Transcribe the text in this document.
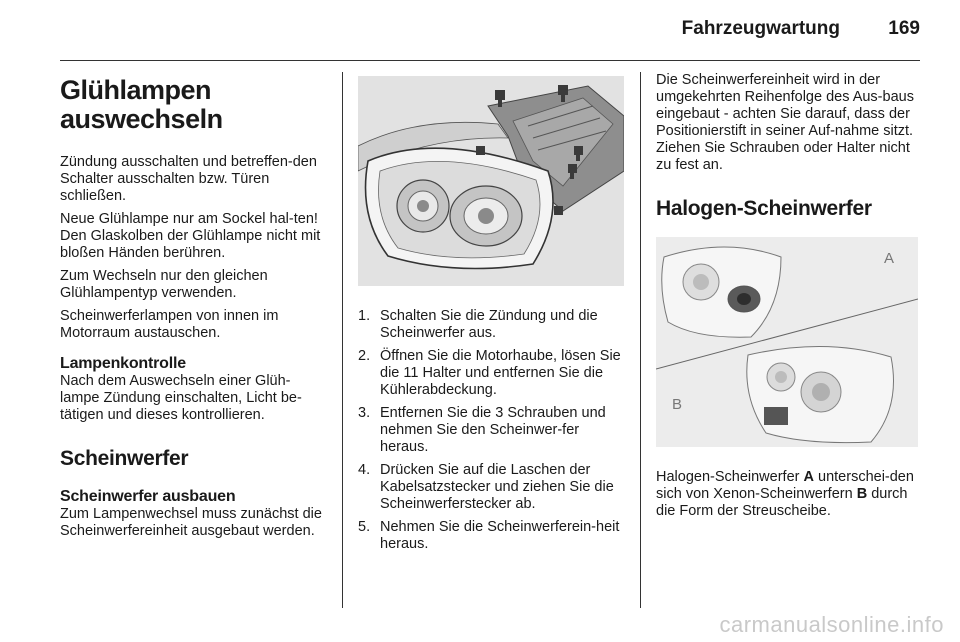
Fahrzeugwartung	169
Glühlampen auswechseln

Zündung ausschalten und betreffen-den Schalter ausschalten bzw. Türen schließen.

Neue Glühlampe nur am Sockel hal-ten! Den Glaskolben der Glühlampe nicht mit bloßen Händen berühren.

Zum Wechseln nur den gleichen Glühlampentyp verwenden.

Scheinwerferlampen von innen im Motorraum austauschen.

Lampenkontrolle

Nach dem Auswechseln einer Glüh-lampe Zündung einschalten, Licht be-tätigen und dieses kontrollieren.

Scheinwerfer
Scheinwerfer ausbauen

Zum Lampenwechsel muss zunächst die Scheinwerfereinheit ausgebaut werden.

1. Schalten Sie die Zündung und die Scheinwerfer aus.
2. Öffnen Sie die Motorhaube, lösen Sie die 11 Halter und entfernen Sie die Kühlerabdeckung.
3. Entfernen Sie die 3 Schrauben und nehmen Sie den Scheinwer-fer heraus.
4. Drücken Sie auf die Laschen der Kabelsatzstecker und ziehen Sie die Scheinwerferstecker ab.
5. Nehmen Sie die Scheinwerferein-heit heraus.

Die Scheinwerfereinheit wird in der umgekehrten Reihenfolge des Aus-baus eingebaut - achten Sie darauf, dass der Positionierstift in seiner Auf-nahme sitzt. Ziehen Sie Schrauben oder Halter nicht zu fest an.

Halogen-Scheinwerfer
A
B

Halogen-Scheinwerfer A unterschei-den sich von Xenon-Scheinwerfern B durch die Form der Streuscheibe.

carmanualsonline.info
